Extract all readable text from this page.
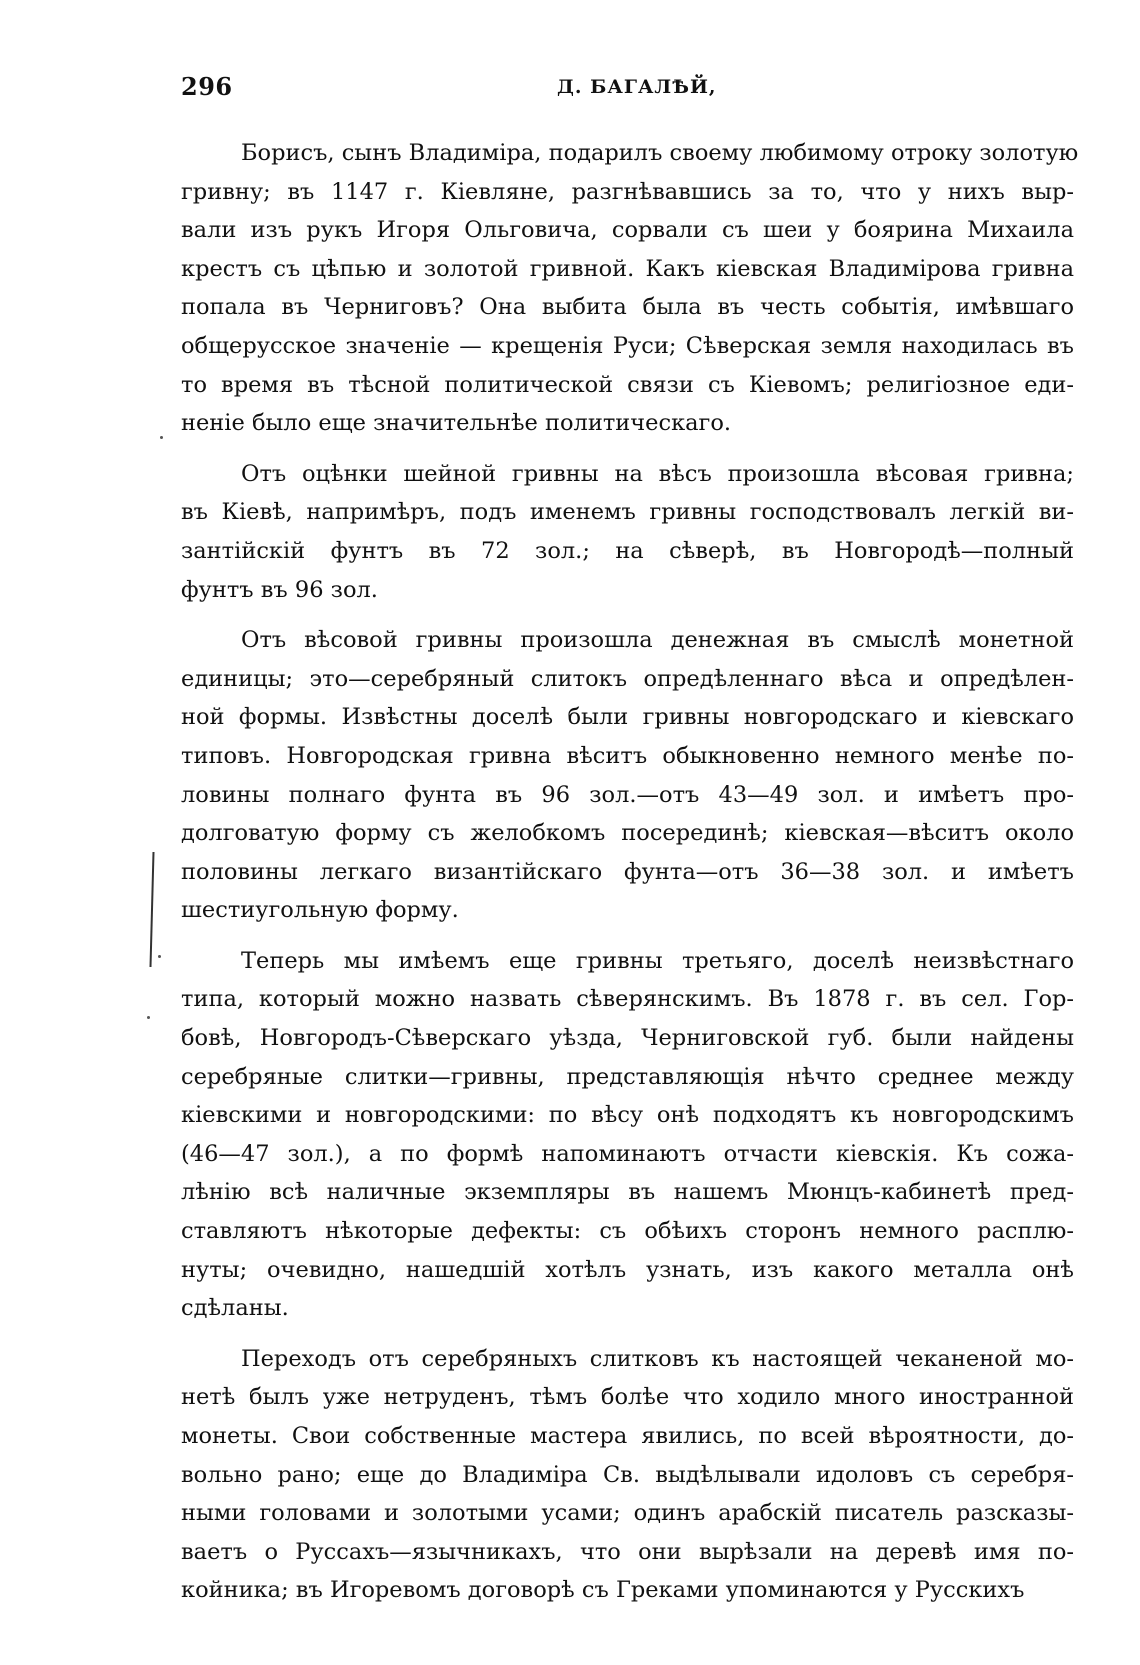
296	Д. БАГАЛѢЙ,
Борисъ, сынъ Владиміра, подарилъ своему любимому отроку золотую
гривну; въ 1147 г. Кіевляне, разгнѣвавшись за то, что у нихъ выр-
вали изъ рукъ Игоря Ольговича, сорвали съ шеи у боярина Михаила
крестъ съ цѣпью и золотой гривной. Какъ кіевская Владимірова гривна
попала въ Черниговъ? Она выбита была въ честь событія, имѣвшаго
общерусское значеніе — крещенія Руси; Сѣверская земля находилась въ
то время въ тѣсной политической связи съ Кіевомъ; религіозное еди-
неніе было еще значительнѣе политическаго.
Отъ оцѣнки шейной гривны на вѣсъ произошла вѣсовая гривна;
въ Кіевѣ, напримѣръ, подъ именемъ гривны господствовалъ легкій ви-
зантійскій фунтъ въ 72 зол.; на сѣверѣ, въ Новгородѣ—полный
фунтъ въ 96 зол.
Отъ вѣсовой гривны произошла денежная въ смыслѣ монетной
единицы; это—серебряный слитокъ опредѣленнаго вѣса и опредѣлен-
ной формы. Извѣстны доселѣ были гривны новгородскаго и кіевскаго
типовъ. Новгородская гривна вѣситъ обыкновенно немного менѣе по-
ловины полнаго фунта въ 96 зол.—отъ 43—49 зол. и имѣетъ про-
долговатую форму съ желобкомъ посерединѣ; кіевская—вѣситъ около
половины легкаго византійскаго фунта—отъ 36—38 зол. и имѣетъ
шестиугольную форму.
Теперь мы имѣемъ еще гривны третьяго, доселѣ неизвѣстнаго
типа, который можно назвать сѣверянскимъ. Въ 1878 г. въ сел. Гор-
бовѣ, Новгородъ-Сѣверскаго уѣзда, Черниговской губ. были найдены
серебряные слитки—гривны, представляющія нѣчто среднее между
кіевскими и новгородскими: по вѣсу онѣ подходятъ къ новгородскимъ
(46—47 зол.), а по формѣ напоминаютъ отчасти кіевскія. Къ сожа-
лѣнію всѣ наличные экземпляры въ нашемъ Мюнцъ-кабинетѣ пред-
ставляютъ нѣкоторые дефекты: съ обѣихъ сторонъ немного расплю-
нуты; очевидно, нашедшій хотѣлъ узнать, изъ какого металла онѣ
сдѣланы.
Переходъ отъ серебряныхъ слитковъ къ настоящей чеканеной мо-
нетѣ былъ уже нетруденъ, тѣмъ болѣе что ходило много иностранной
монеты. Свои собственные мастера явились, по всей вѣроятности, до-
вольно рано; еще до Владиміра Св. выдѣлывали идоловъ съ серебря-
ными головами и золотыми усами; одинъ арабскій писатель разсказы-
ваетъ о Руссахъ—язычникахъ, что они вырѣзали на деревѣ имя по-
койника; въ Игоревомъ договорѣ съ Греками упоминаются у Русскихъ
